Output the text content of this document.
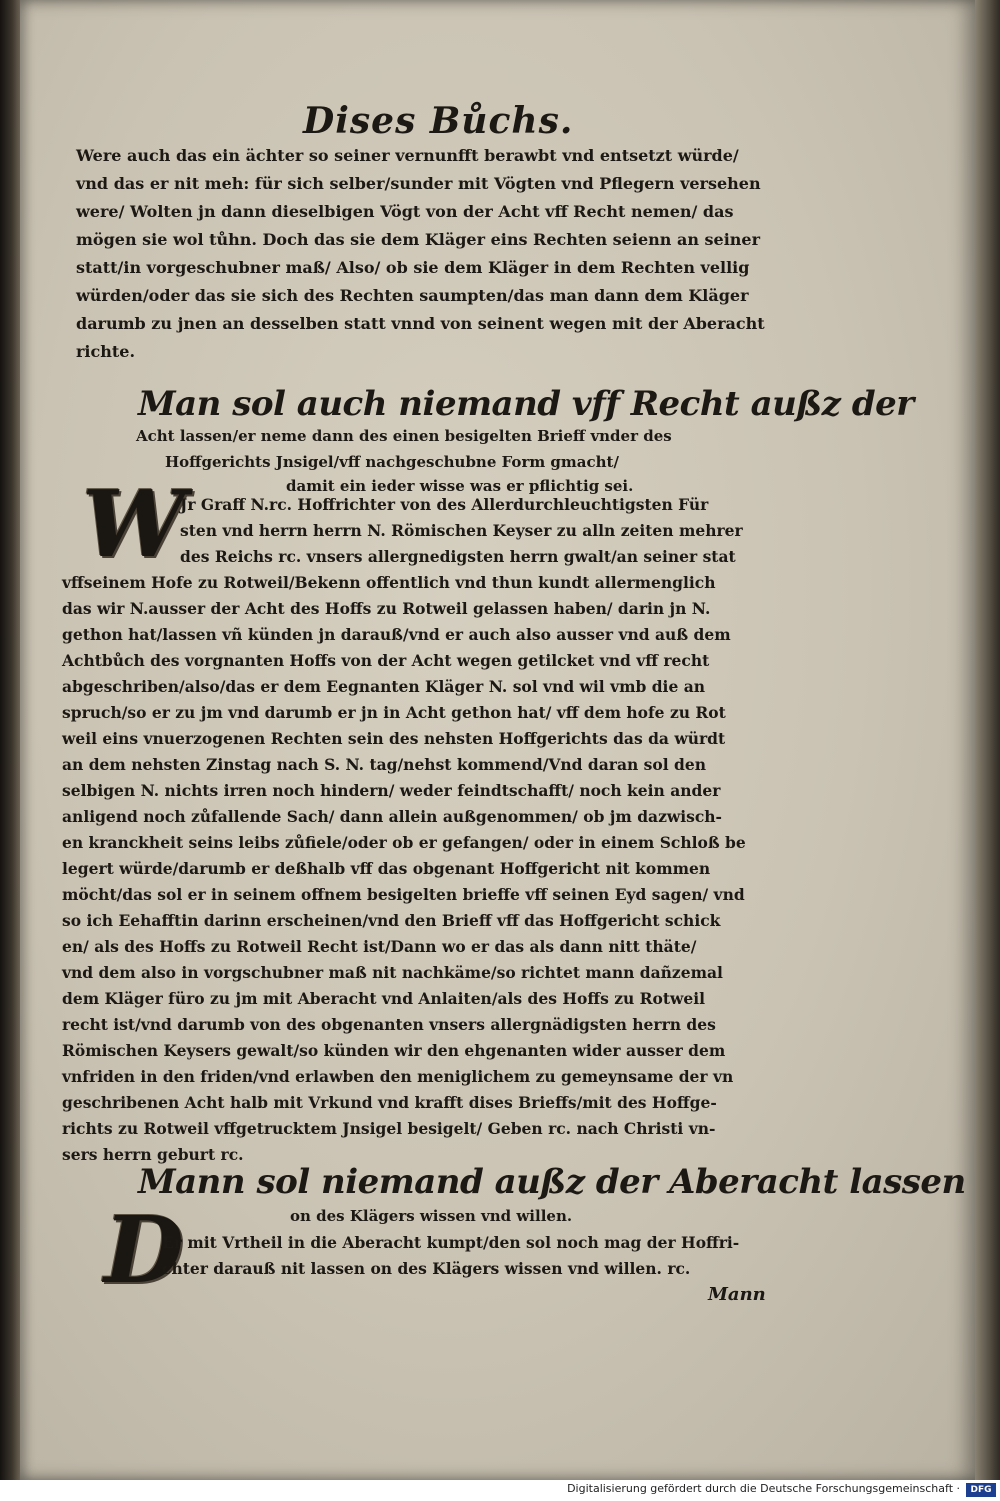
Dises Bůchs.
Were auch das ein ächter so seiner vernunfft berawbt vnd entsetzt würde/
vnd das er nit meh: für sich selber/sunder mit Vögten vnd Pflegern versehen
were/ Wolten jn dann dieselbigen Vögt von der Acht vff Recht nemen/ das
mögen sie wol tůhn. Doch das sie dem Kläger eins Rechten seienn an seiner
statt/in vorgeschubner maß/ Also/ ob sie dem Kläger in dem Rechten vellig
würden/oder das sie sich des Rechten saumpten/das man dann dem Kläger
darumb zu jnen an desselben statt vnnd von seinent wegen mit der Aberacht
richte.
Man sol auch niemand vff Recht außz der
Acht lassen/er neme dann des einen besigelten Brieff vnder des
Hoffgerichts Jnsigel/vff nachgeschubne Form gmacht/
damit ein ieder wisse was er pflichtig sei.
W
Jr Graff N.rc. Hoffrichter von des Allerdurchleuchtigsten Für
sten vnd herrn herrn N. Römischen Keyser zu alln zeiten mehrer
des Reichs rc. vnsers allergnedigsten herrn gwalt/an seiner stat
vffseinem Hofe zu Rotweil/Bekenn offentlich vnd thun kundt allermenglich
das wir N.ausser der Acht des Hoffs zu Rotweil gelassen haben/ darin jn N.
gethon hat/lassen vñ künden jn darauß/vnd er auch also ausser vnd auß dem
Achtbůch des vorgnanten Hoffs von der Acht wegen getilcket vnd vff recht
abgeschriben/also/das er dem Eegnanten Kläger N. sol vnd wil vmb die an
spruch/so er zu jm vnd darumb er jn in Acht gethon hat/ vff dem hofe zu Rot
weil eins vnuerzogenen Rechten sein des nehsten Hoffgerichts das da würdt
an dem nehsten Zinstag nach S. N. tag/nehst kommend/Vnd daran sol den
selbigen N. nichts irren noch hindern/ weder feindtschafft/ noch kein ander
anligend noch zůfallende Sach/ dann allein außgenommen/ ob jm dazwisch-
en kranckheit seins leibs zůfiele/oder ob er gefangen/ oder in einem Schloß be
legert würde/darumb er deßhalb vff das obgenant Hoffgericht nit kommen
möcht/das sol er in seinem offnem besigelten brieffe vff seinen Eyd sagen/ vnd
so ich Eehafftin darinn erscheinen/vnd den Brieff vff das Hoffgericht schick
en/ als des Hoffs zu Rotweil Recht ist/Dann wo er das als dann nitt thäte/
vnd dem also in vorgschubner maß nit nachkäme/so richtet mann dañzemal
dem Kläger füro zu jm mit Aberacht vnd Anlaiten/als des Hoffs zu Rotweil
recht ist/vnd darumb von des obgenanten vnsers allergnädigsten herrn des
Römischen Keysers gewalt/so künden wir den ehgenanten wider ausser dem
vnfriden in den friden/vnd erlawben den meniglichem zu gemeynsame der vn
geschribenen Acht halb mit Vrkund vnd krafft dises Brieffs/mit des Hoffge-
richts zu Rotweil vffgetrucktem Jnsigel besigelt/ Geben rc. nach Christi vn-
Mann sol niemand außz der Aberacht lassen
on des Klägers wissen vnd willen.
D
Er mit Vrtheil in die Aberacht kumpt/den sol noch mag der Hoffri-
chter darauß nit lassen on des Klägers wissen vnd willen. rc.
Mann
sers herrn geburt rc.
Digitalisierung gefördert durch die Deutsche Forschungsgemeinschaft ·	DFG
